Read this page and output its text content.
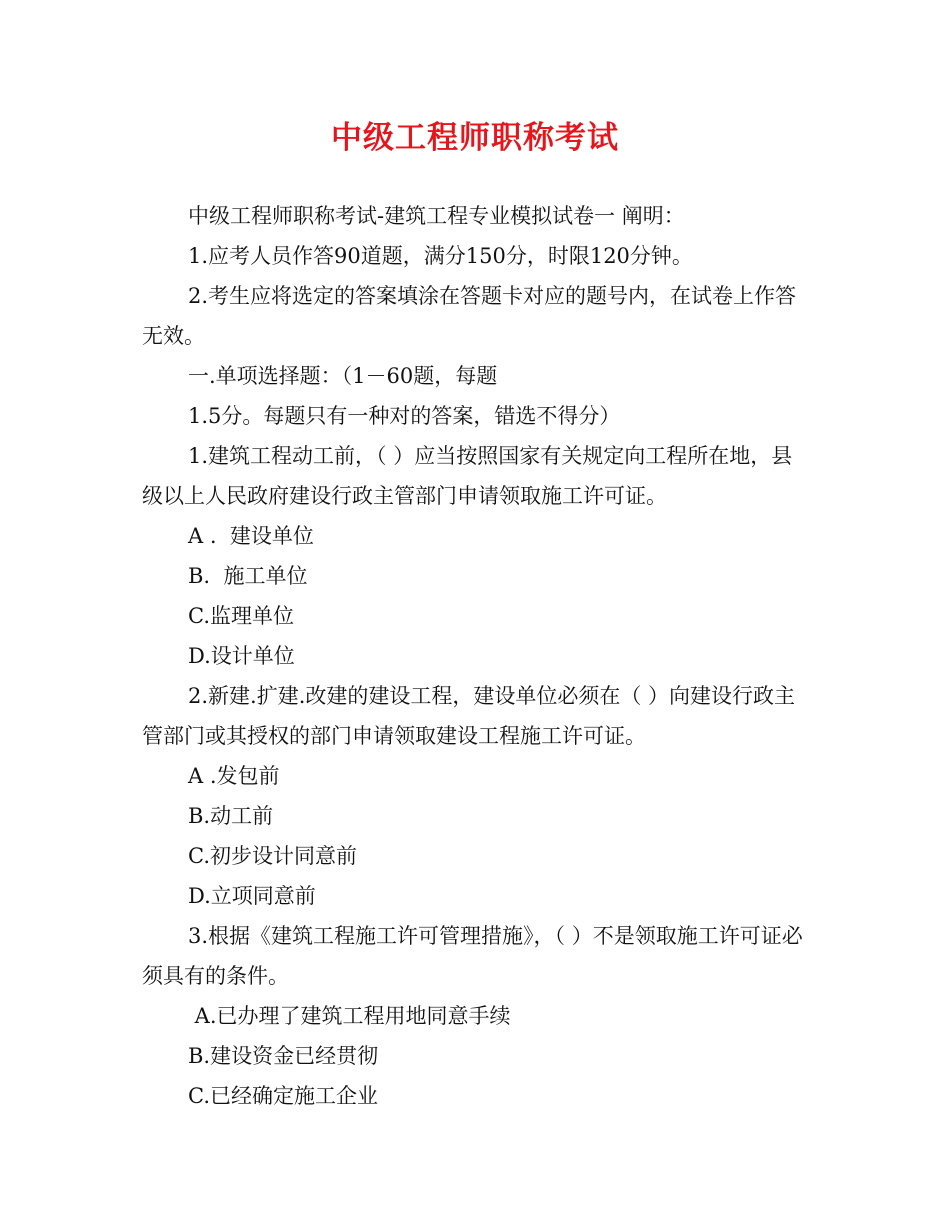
中级工程师职称考试

中级工程师职称考试-建筑工程专业模拟试卷一 阐明：

1.应考人员作答90道题，满分150分，时限120分钟。

2.考生应将选定的答案填涂在答题卡对应的题号内，在试卷上作答无效。

一.单项选择题：（1－60题，每题

1.5分。每题只有一种对的答案，错选不得分）

1.建筑工程动工前，（ ）应当按照国家有关规定向工程所在地，县级以上人民政府建设行政主管部门申请领取施工许可证。

A .  建设单位

B.  施工单位

C.监理单位

D.设计单位

2.新建.扩建.改建的建设工程，建设单位必须在（ ）向建设行政主管部门或其授权的部门申请领取建设工程施工许可证。

A .发包前

B.动工前

C.初步设计同意前

D.立项同意前

3.根据《建筑工程施工许可管理措施》，（ ）不是领取施工许可证必须具有的条件。

A.已办理了建筑工程用地同意手续

B.建设资金已经贯彻

C.已经确定施工企业
